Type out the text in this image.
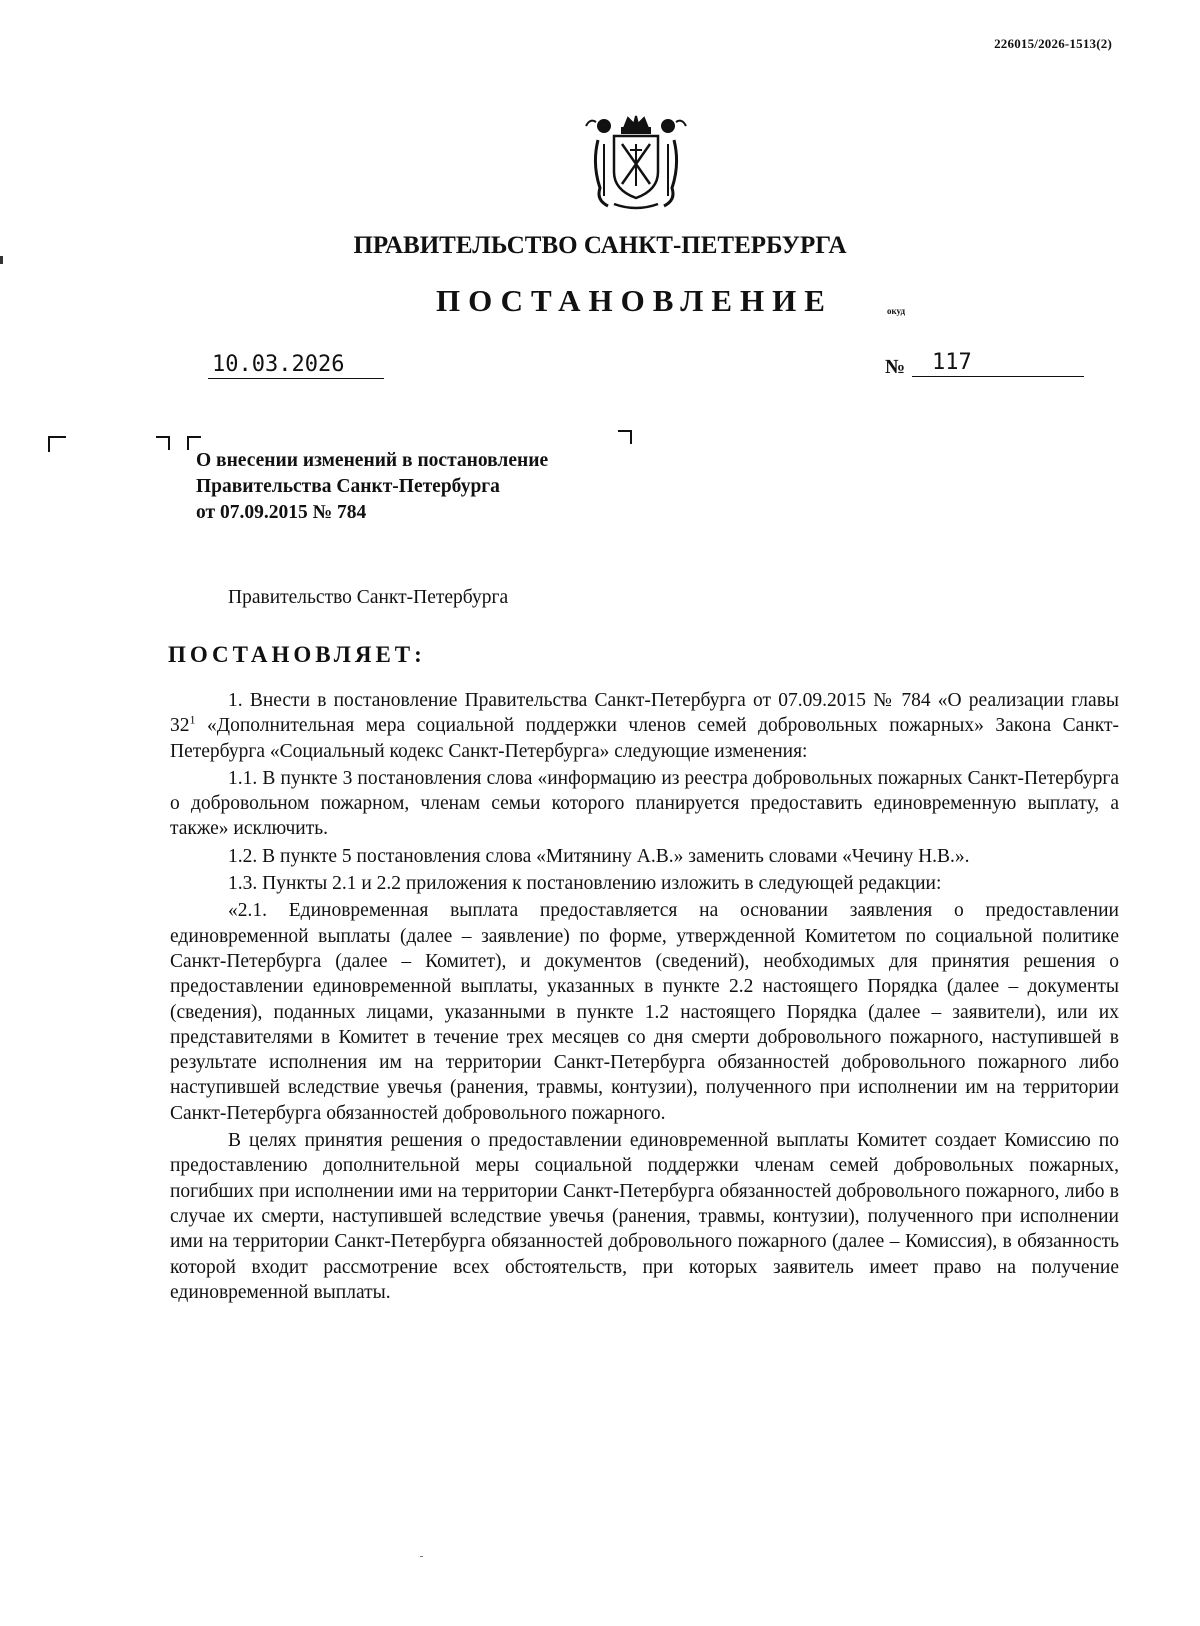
226015/2026-1513(2)
ПРАВИТЕЛЬСТВО САНКТ-ПЕТЕРБУРГА
ПОСТАНОВЛЕНИЕ	окуд
10.03.2026	№	117
О внесении изменений в постановление
Правительства Санкт-Петербурга
от 07.09.2015 № 784
Правительство Санкт-Петербурга
ПОСТАНОВЛЯЕТ:

1. Внести в постановление Правительства Санкт-Петербурга от 07.09.2015 № 784 «О реализации главы $32^1$ «Дополнительная мера социальной поддержки членов семей добровольных пожарных» Закона Санкт-Петербурга «Социальный кодекс Санкт-Петербурга» следующие изменения:

1.1. В пункте 3 постановления слова «информацию из реестра добровольных пожарных Санкт-Петербурга о добровольном пожарном, членам семьи которого планируется предоставить единовременную выплату, а также» исключить.

1.2. В пункте 5 постановления слова «Митянину А.В.» заменить словами «Чечину Н.В.».

1.3. Пункты 2.1 и 2.2 приложения к постановлению изложить в следующей редакции:

«2.1. Единовременная выплата предоставляется на основании заявления о предоставлении единовременной выплаты (далее – заявление) по форме, утвержденной Комитетом по социальной политике Санкт-Петербурга (далее – Комитет), и документов (сведений), необходимых для принятия решения о предоставлении единовременной выплаты, указанных в пункте 2.2 настоящего Порядка (далее – документы (сведения), поданных лицами, указанными в пункте 1.2 настоящего Порядка (далее – заявители), или их представителями в Комитет в течение трех месяцев со дня смерти добровольного пожарного, наступившей в результате исполнения им на территории Санкт-Петербурга обязанностей добровольного пожарного либо наступившей вследствие увечья (ранения, травмы, контузии), полученного при исполнении им на территории Санкт-Петербурга обязанностей добровольного пожарного.

В целях принятия решения о предоставлении единовременной выплаты Комитет создает Комиссию по предоставлению дополнительной меры социальной поддержки членам семей добровольных пожарных, погибших при исполнении ими на территории Санкт-Петербурга обязанностей добровольного пожарного, либо в случае их смерти, наступившей вследствие увечья (ранения, травмы, контузии), полученного при исполнении ими на территории Санкт-Петербурга обязанностей добровольного пожарного (далее – Комиссия), в обязанность которой входит рассмотрение всех обстоятельств, при которых заявитель имеет право на получение единовременной выплаты.
